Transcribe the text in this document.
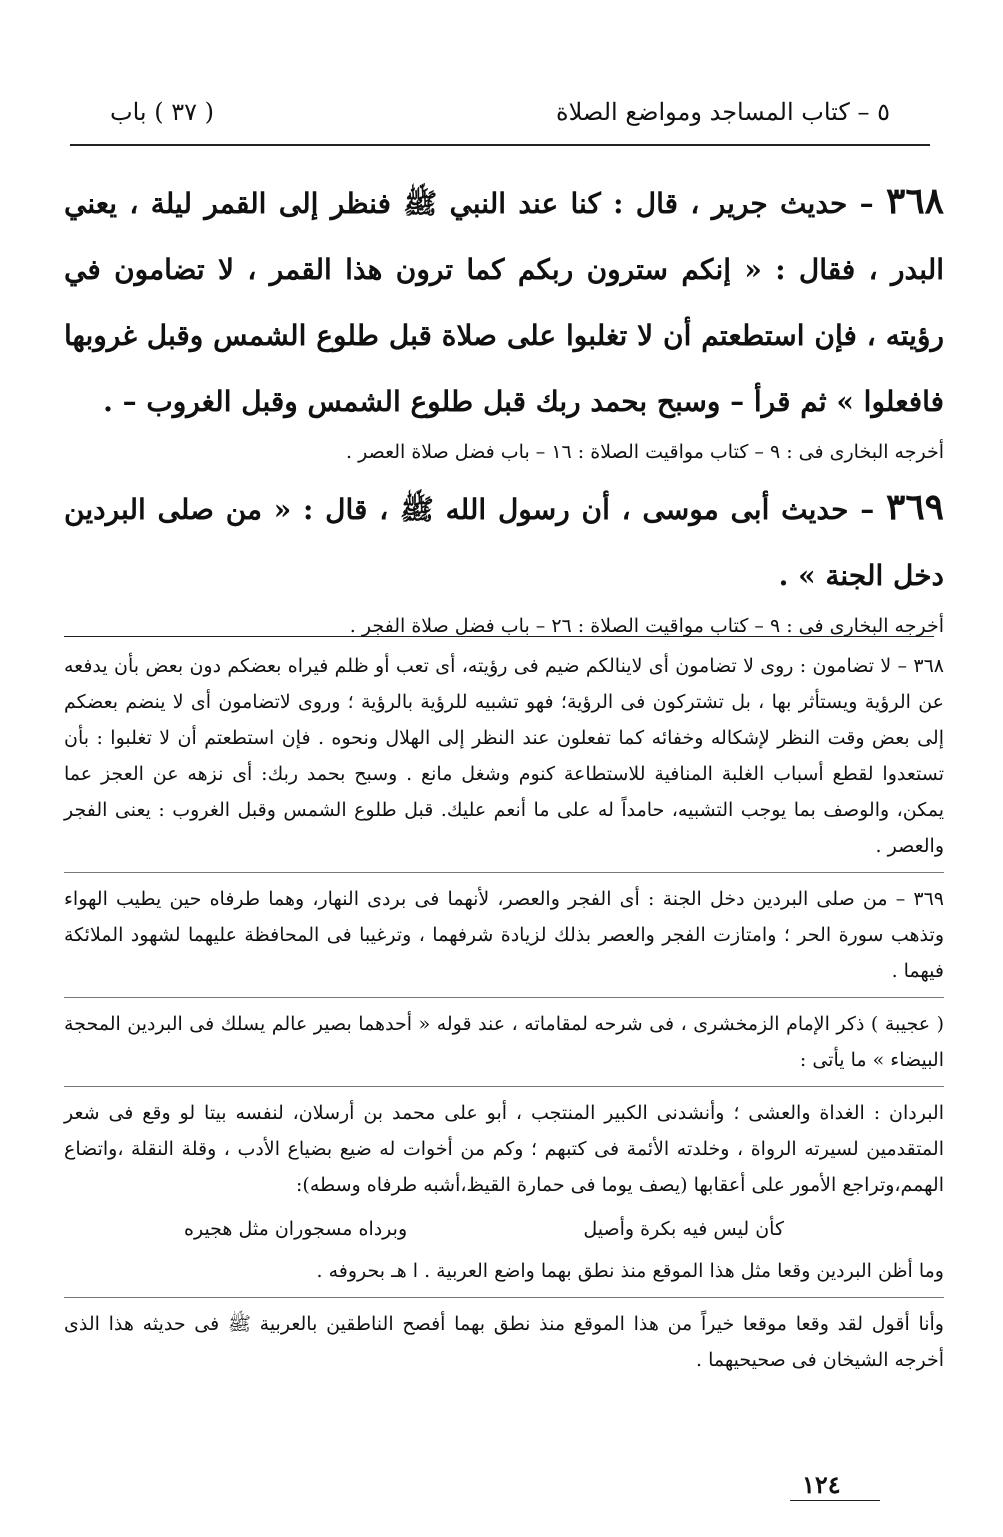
٥ – كتاب المساجد ومواضع الصلاة
( ٣٧ ) باب
٣٦٨ – حديث جرير ، قال : كنا عند النبي ﷺ فنظر إلى القمر ليلة ، يعني البدر ، فقال : « إنكم سترون ربكم كما ترون هذا القمر ، لا تضامون في رؤيته ، فإن استطعتم أن لا تغلبوا على صلاة قبل طلوع الشمس وقبل غروبها فافعلوا » ثم قرأ – وسبح بحمد ربك قبل طلوع الشمس وقبل الغروب – .
أخرجه البخارى فى : ٩ – كتاب مواقيت الصلاة : ١٦ – باب فضل صلاة العصر .
٣٦٩ – حديث أبى موسى ، أن رسول الله ﷺ ، قال : « من صلى البردين دخل الجنة » .
أخرجه البخارى فى : ٩ – كتاب مواقيت الصلاة : ٢٦ – باب فضل صلاة الفجر .

٣٦٨ – لا تضامون : روى لا تضامون أى لاينالكم ضيم فى رؤيته، أى تعب أو ظلم فيراه بعضكم دون بعض بأن يدفعه عن الرؤية ويستأثر بها ، بل تشتركون فى الرؤية؛ فهو تشبيه للرؤية بالرؤية ؛ وروى لاتضامون أى لا ينضم بعضكم إلى بعض وقت النظر لإشكاله وخفائه كما تفعلون عند النظر إلى الهلال ونحوه . فإن استطعتم أن لا تغلبوا : بأن تستعدوا لقطع أسباب الغلبة المنافية للاستطاعة كنوم وشغل مانع . وسبح بحمد ربك: أى نزهه عن العجز عما يمكن، والوصف بما يوجب التشبيه، حامداً له على ما أنعم عليك. قبل طلوع الشمس وقبل الغروب : يعنى الفجر والعصر .

٣٦٩ – من صلى البردين دخل الجنة : أى الفجر والعصر، لأنهما فى بردى النهار، وهما طرفاه حين يطيب الهواء وتذهب سورة الحر ؛ وامتازت الفجر والعصر بذلك لزيادة شرفهما ، وترغيبا فى المحافظة عليهما لشهود الملائكة فيهما .

( عجيبة ) ذكر الإمام الزمخشرى ، فى شرحه لمقاماته ، عند قوله « أحدهما بصير عالم يسلك فى البردين المحجة البيضاء » ما يأتى :

البردان : الغداة والعشى ؛ وأنشدنى الكبير المنتجب ، أبو على محمد بن أرسلان، لنفسه بيتا لو وقع فى شعر المتقدمين لسيرته الرواة ، وخلدته الأئمة فى كتبهم ؛ وكم من أخوات له ضيع بضياع الأدب ، وقلة النقلة ،واتضاع الهمم،وتراجع الأمور على أعقابها (يصف يوما فى حمارة القيظ،أشبه طرفاه وسطه):

كأن ليس فيه بكرة وأصيل
وبرداه مسجوران مثل هجيره

وما أظن البردين وقعا مثل هذا الموقع منذ نطق بهما واضع العربية . ا هـ بحروفه .

وأنا أقول لقد وقعا موقعا خيراً من هذا الموقع منذ نطق بهما أفصح الناطقين بالعربية ﷺ فى حديثه هذا الذى أخرجه الشيخان فى صحيحيهما .

١٢٤
